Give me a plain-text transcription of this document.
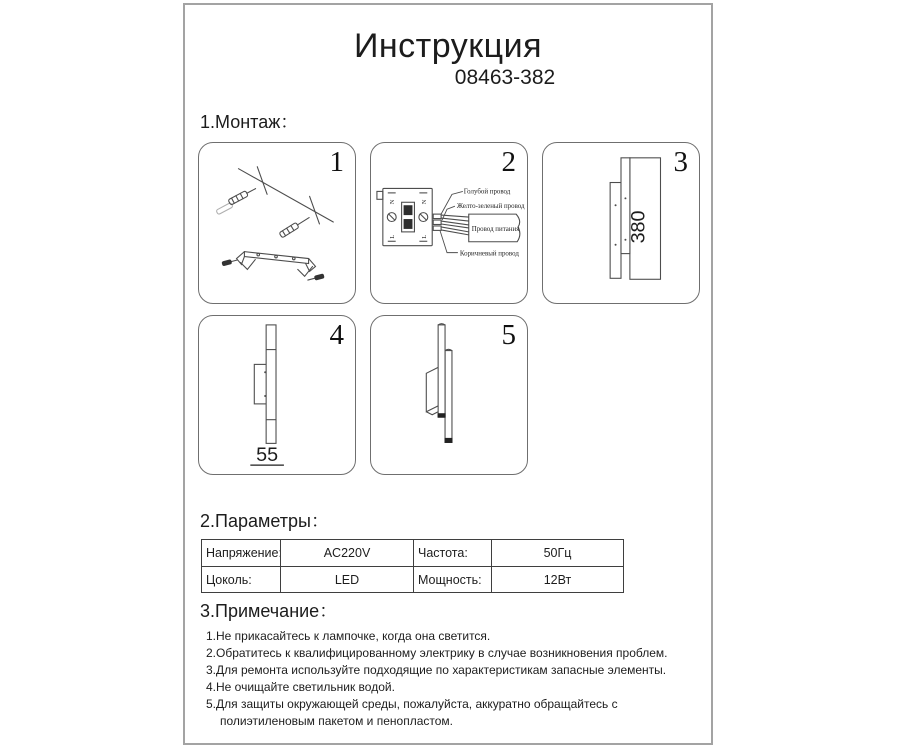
Инструкция
08463-382
1.Монтаж：
1
Голубой провод
Желто-зеленый провод
Провод питания
Коричневый провод
N
L
N
L
2
380
3
55
4	5
2.Параметры：
Напряжение:	AC220V	Частота:	50Гц
Цоколь:	LED	Мощность:	12Вт
3.Примечание：
1.Не прикасайтесь к лампочке, когда она светится.
2.Обратитесь к квалифицированному электрику в случае возникновения проблем.
3.Для ремонта используйте подходящие по характеристикам запасные элементы.
4.Не очищайте светильник водой.
5.Для защиты окружающей среды, пожалуйста, аккуратно обращайтесь с
полиэтиленовым пакетом и пенопластом.
